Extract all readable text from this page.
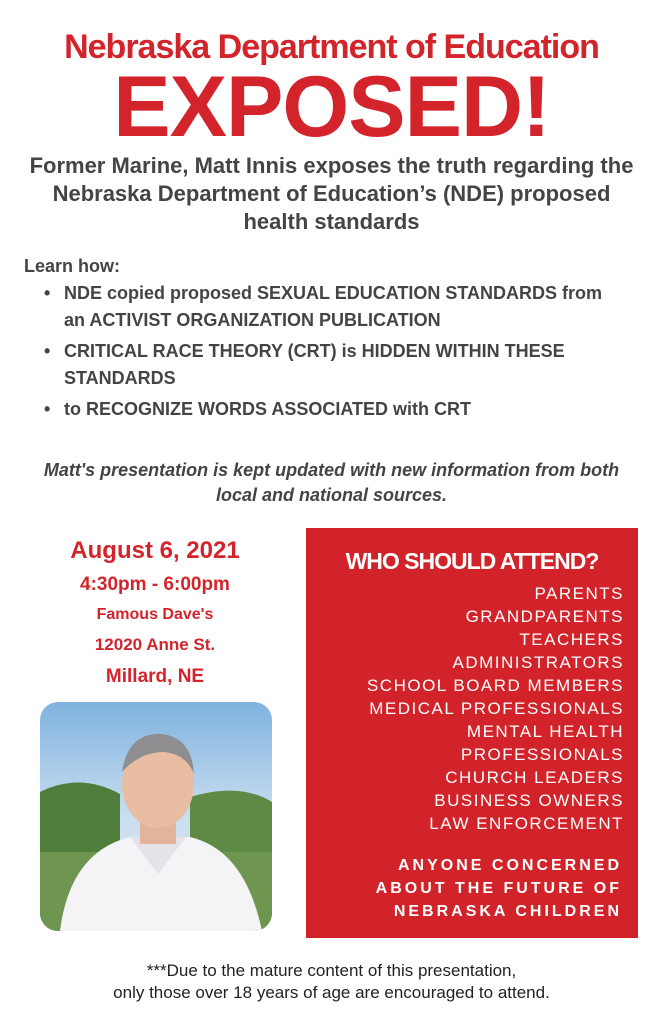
Nebraska Department of Education
EXPOSED!
Former Marine, Matt Innis exposes the truth regarding the Nebraska Department of Education’s (NDE) proposed health standards
Learn how:
• NDE copied proposed SEXUAL EDUCATION STANDARDS from an ACTIVIST ORGANIZATION PUBLICATION
• CRITICAL RACE THEORY (CRT) is HIDDEN WITHIN THESE STANDARDS
• to RECOGNIZE WORDS ASSOCIATED with CRT
Matt's presentation is kept updated with new information from both local and national sources.
August 6, 2021
4:30pm - 6:00pm
Famous Dave's
12020 Anne St.
Millard, NE
WHO SHOULD ATTEND?
PARENTS
GRANDPARENTS
TEACHERS
ADMINISTRATORS
SCHOOL BOARD MEMBERS
MEDICAL PROFESSIONALS
MENTAL HEALTH
PROFESSIONALS
CHURCH LEADERS
BUSINESS OWNERS
LAW ENFORCEMENT
ANYONE CONCERNED
ABOUT THE FUTURE OF
NEBRASKA CHILDREN
***Due to the mature content of this presentation,
only those over 18 years of age are encouraged to attend.
